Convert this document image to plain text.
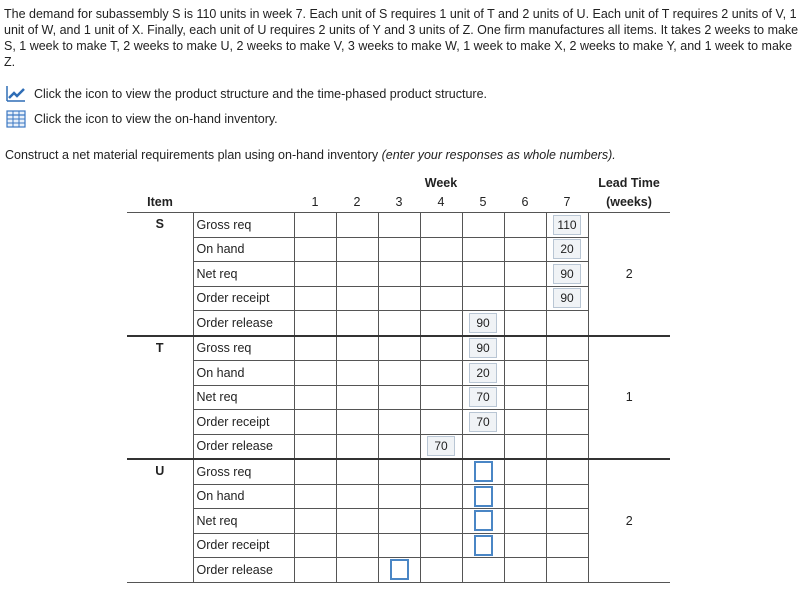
The demand for subassembly S is 110 units in week 7. Each unit of S requires 1 unit of T and 2 units of U. Each unit of T requires 2 units of V, 1 unit of W, and 1 unit of X. Finally, each unit of U requires 2 units of Y and 3 units of Z. One firm manufactures all items. It takes 2 weeks to make S, 1 week to make T, 2 weeks to make U, 2 weeks to make V, 3 weeks to make W, 1 week to make X, 2 weeks to make Y, and 1 week to make Z.

Click the icon to view the product structure and the time-phased product structure.
Click the icon to view the on-hand inventory.

Construct a net material requirements plan using on-hand inventory (enter your responses as whole numbers).

		Week							Lead Time
Item		1	2	3	4	5	6	7	(weeks)
S	Gross req							110	2
	On hand							20	
	Net req							90	
	Order receipt							90	
	Order release					90			
T	Gross req					90			1
	On hand					20			
	Net req					70			
	Order receipt					70			
	Order release				70				
U	Gross req								2
	On hand								
	Net req								
	Order receipt								
	Order release								
